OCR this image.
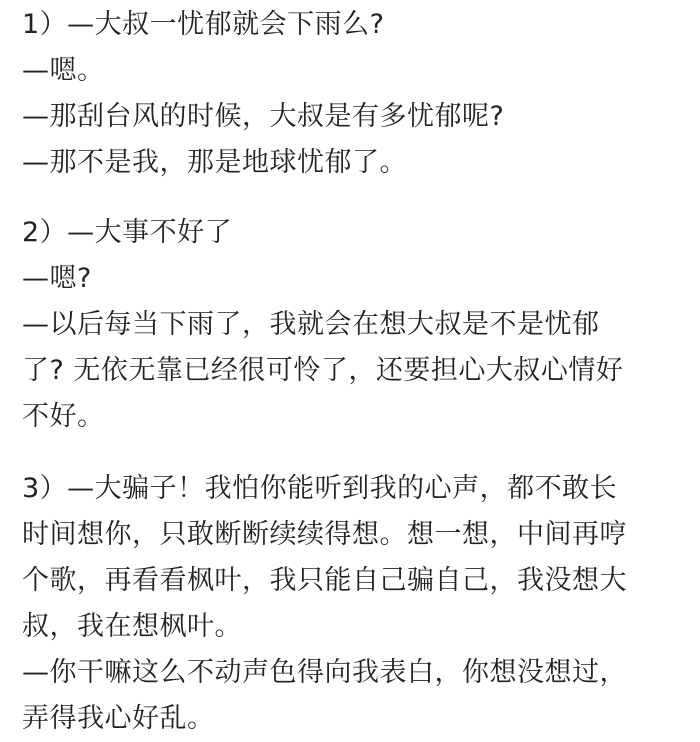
1）—大叔一忧郁就会下雨么?

—嗯。

—那刮台风的时候，大叔是有多忧郁呢?

—那不是我，那是地球忧郁了。

2）—大事不好了

—嗯?

—以后每当下雨了，我就会在想大叔是不是忧郁

了? 无依无靠已经很可怜了，还要担心大叔心情好

不好。

3）—大骗子！我怕你能听到我的心声，都不敢长

时间想你，只敢断断续续得想。想一想，中间再哼

个歌，再看看枫叶，我只能自己骗自己，我没想大

叔，我在想枫叶。

—你干嘛这么不动声色得向我表白，你想没想过，

弄得我心好乱。
